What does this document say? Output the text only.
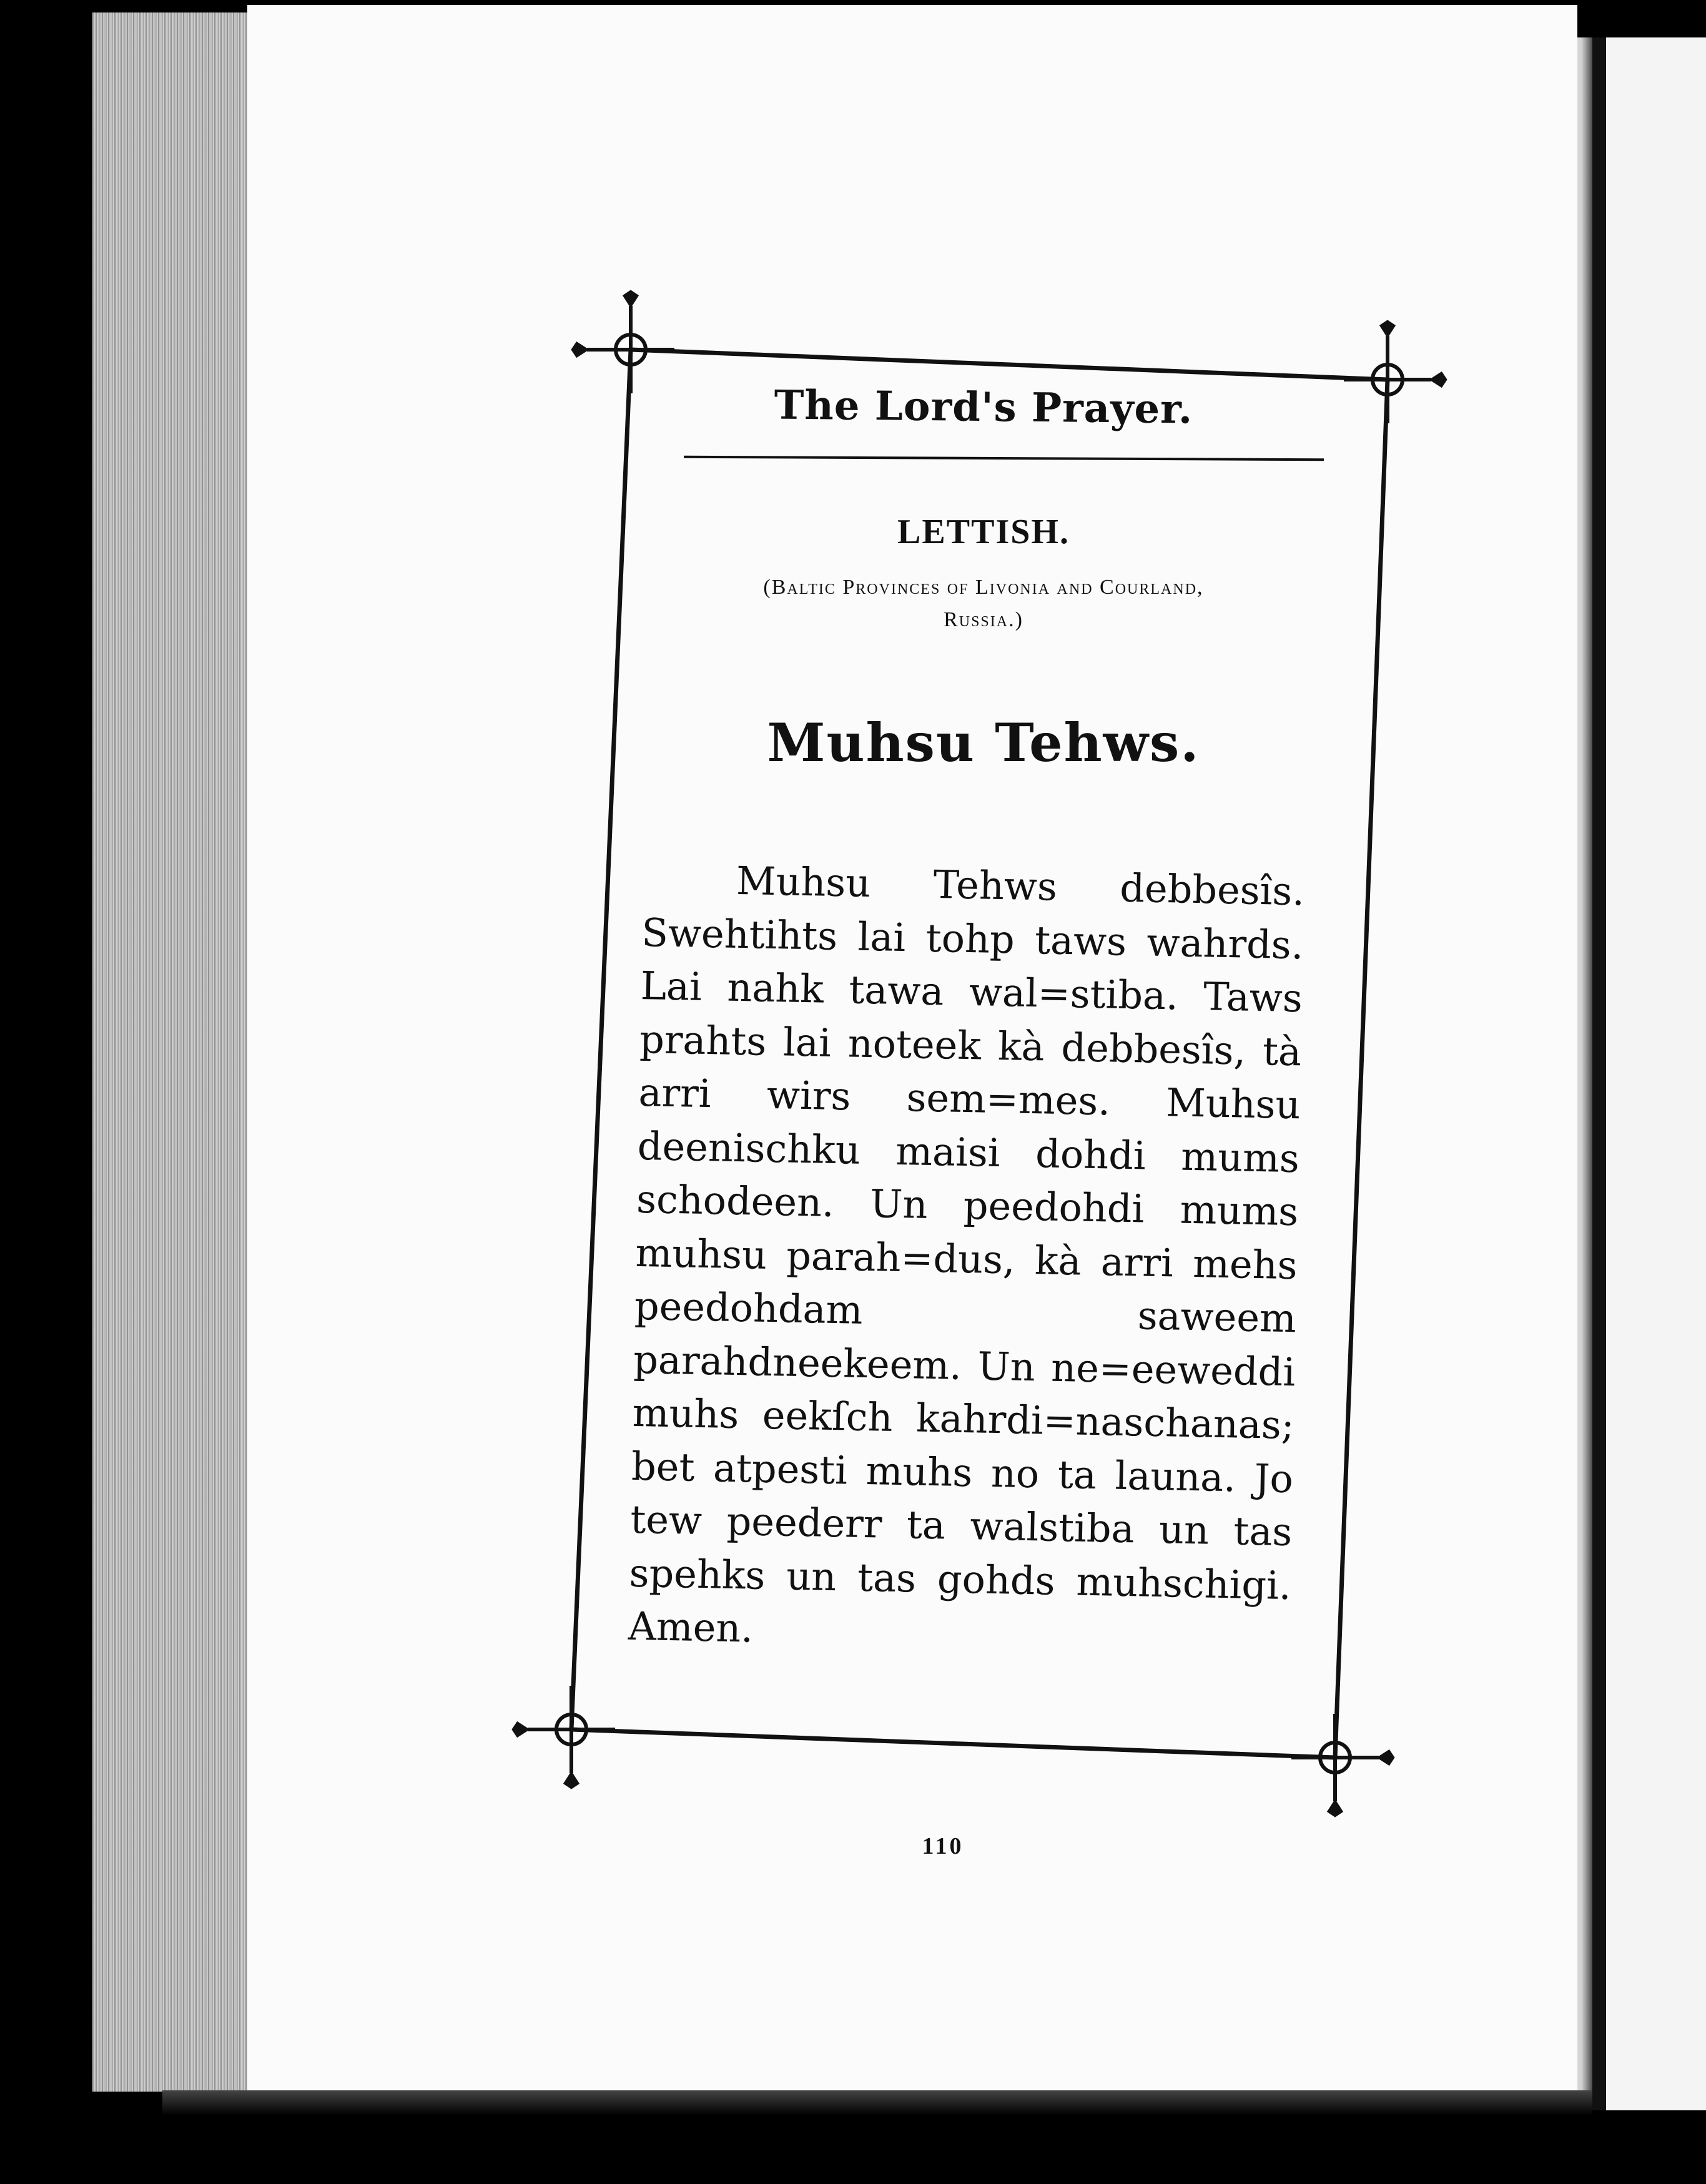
The Lord's Prayer.
LETTISH.
(Baltic Provinces of Livonia and Courland,
Russia.)
Muhsu Tehws.
Muhsu Tehws debbesîs. Swehtihts lai tohp taws wahrds. Lai nahk tawa wal=stiba. Taws prahts lai noteek kà debbesîs, tà arri wirs sem=mes. Muhsu deenischku maisi dohdi mums schodeen. Un peedohdi mums muhsu parah=dus, kà arri mehs peedohdam saweem parahdneekeem. Un ne=eeweddi muhs eekſch kahrdi=naschanas; bet atpesti muhs no ta launa. Jo tew peederr ta walstiba un tas spehks un tas gohds muhschigi. Amen.
110
